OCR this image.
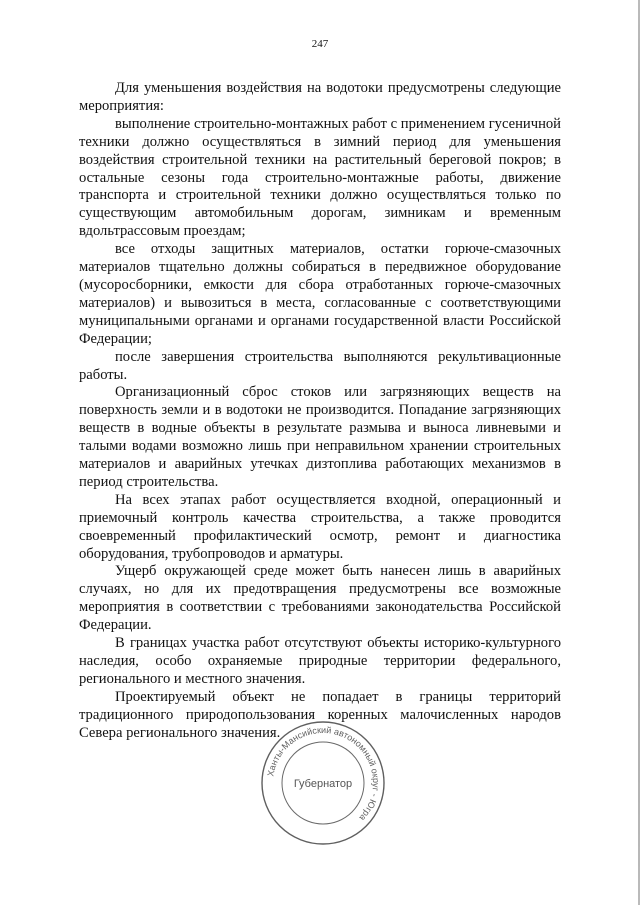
247

Для уменьшения воздействия на водотоки предусмотрены следующие мероприятия:

выполнение строительно-монтажных работ с применением гусеничной техники должно осуществляться в зимний период для уменьшения воздействия строительной техники на растительный береговой покров; в остальные сезоны года строительно-монтажные работы, движение транспорта и строительной техники должно осуществляться только по существующим автомобильным дорогам, зимникам и временным вдольтрассовым проездам;

все отходы защитных материалов, остатки горюче-смазочных материалов тщательно должны собираться в передвижное оборудование (мусоросборники, емкости для сбора отработанных горюче-смазочных материалов) и вывозиться в места, согласованные с соответствующими муниципальными органами и органами государственной власти Российской Федерации;

после завершения строительства выполняются рекультивационные работы.

Организационный сброс стоков или загрязняющих веществ на поверхность земли и в водотоки не производится. Попадание загрязняющих веществ в водные объекты в результате размыва и выноса ливневыми и талыми водами возможно лишь при неправильном хранении строительных материалов и аварийных утечках дизтоплива работающих механизмов в период строительства.

На всех этапах работ осуществляется входной, операционный и приемочный контроль качества строительства, а также проводится своевременный профилактический осмотр, ремонт и диагностика оборудования, трубопроводов и арматуры.

Ущерб окружающей среде может быть нанесен лишь в аварийных случаях, но для их предотвращения предусмотрены все возможные мероприятия в соответствии с требованиями законодательства Российской Федерации.

В границах участка работ отсутствуют объекты историко-культурного наследия, особо охраняемые природные территории федерального, регионального и местного значения.

Проектируемый объект не попадает в границы территорий традиционного природопользования коренных малочисленных народов Севера регионального значения.

Ханты-Мансийский автономный округ - Югра
Губернатор
